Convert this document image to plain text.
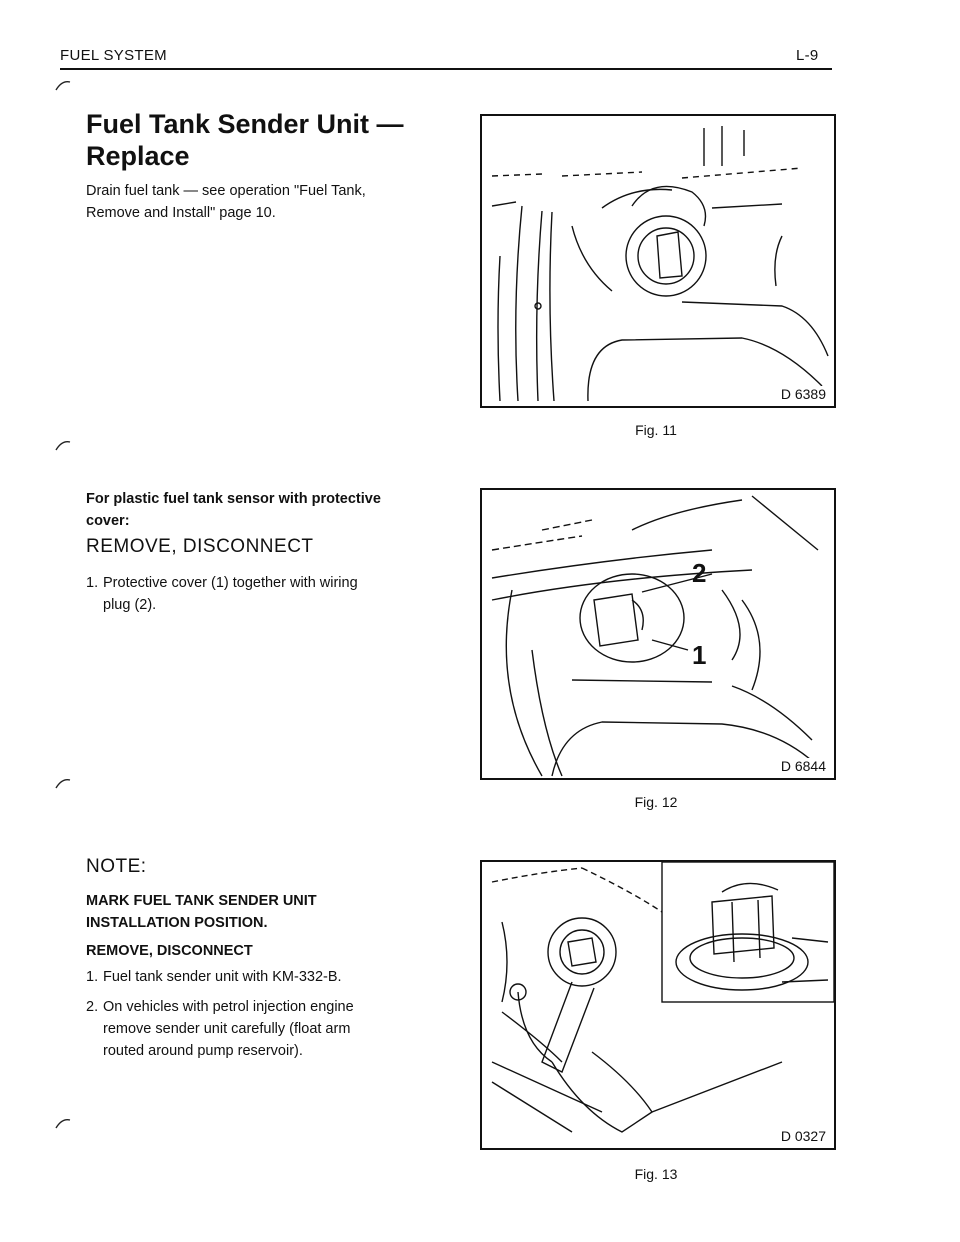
FUEL SYSTEM	L-9
Fuel Tank Sender Unit — Replace
Drain fuel tank — see operation "Fuel Tank, Remove and Install" page 10.
For plastic fuel tank sensor with protective cover:
REMOVE, DISCONNECT
1. Protective cover (1) together with wiring plug (2).
NOTE:
MARK FUEL TANK SENDER UNIT INSTALLATION POSITION.
REMOVE, DISCONNECT
1. Fuel tank sender unit with KM-332-B.
2. On vehicles with petrol injection engine remove sender unit carefully (float arm routed around pump reservoir).
D 6389
Fig. 11
2
1
D 6844
Fig. 12
D 0327
Fig. 13
